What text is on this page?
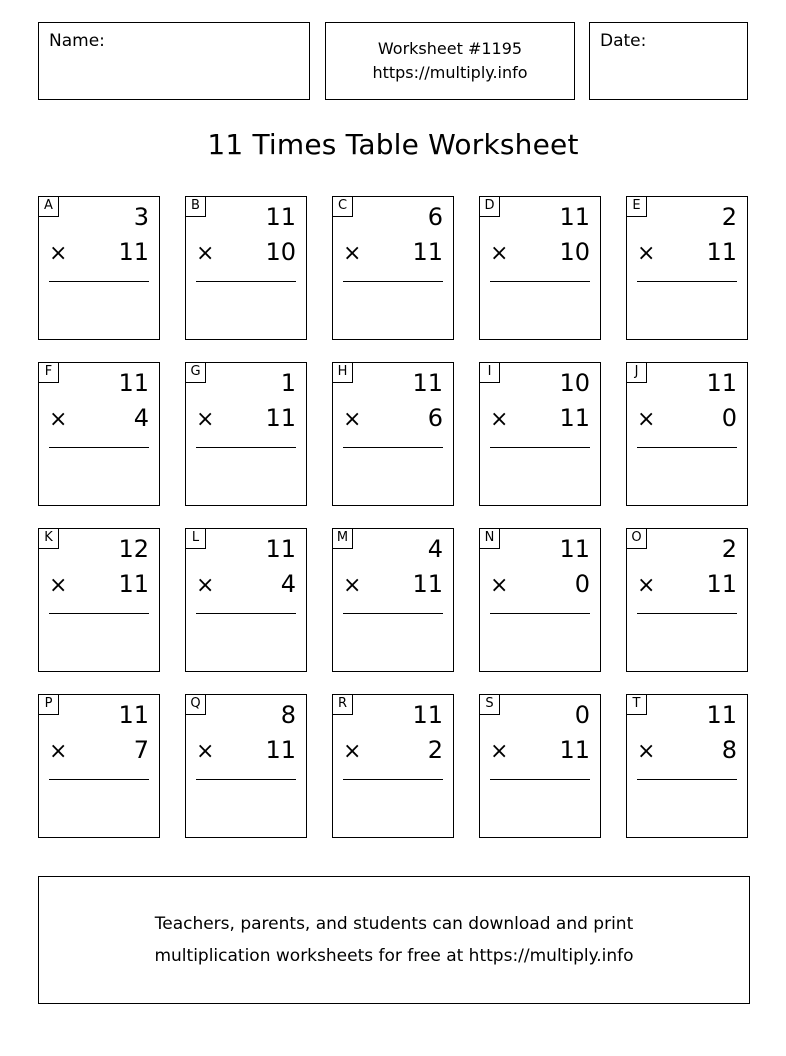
Name:	Worksheet #1195
https://multiply.info
Date:
11 Times Table Worksheet
A	3
× 11
B	11
× 10
C	6
× 11
D	11
× 10
E	2
× 11
F	11
×	4
G	1
× 11
H	11
×	6
I	10
× 11
J	11
×	0
K	12
× 11
L	11
×	4
M	4
× 11
N	11
×	0
O	2
× 11
P	11
×	7
Q	8
× 11
R	11
×	2
S	0
× 11
T	11
×	8
Teachers, parents, and students can download and print
multiplication worksheets for free at https://multiply.info
